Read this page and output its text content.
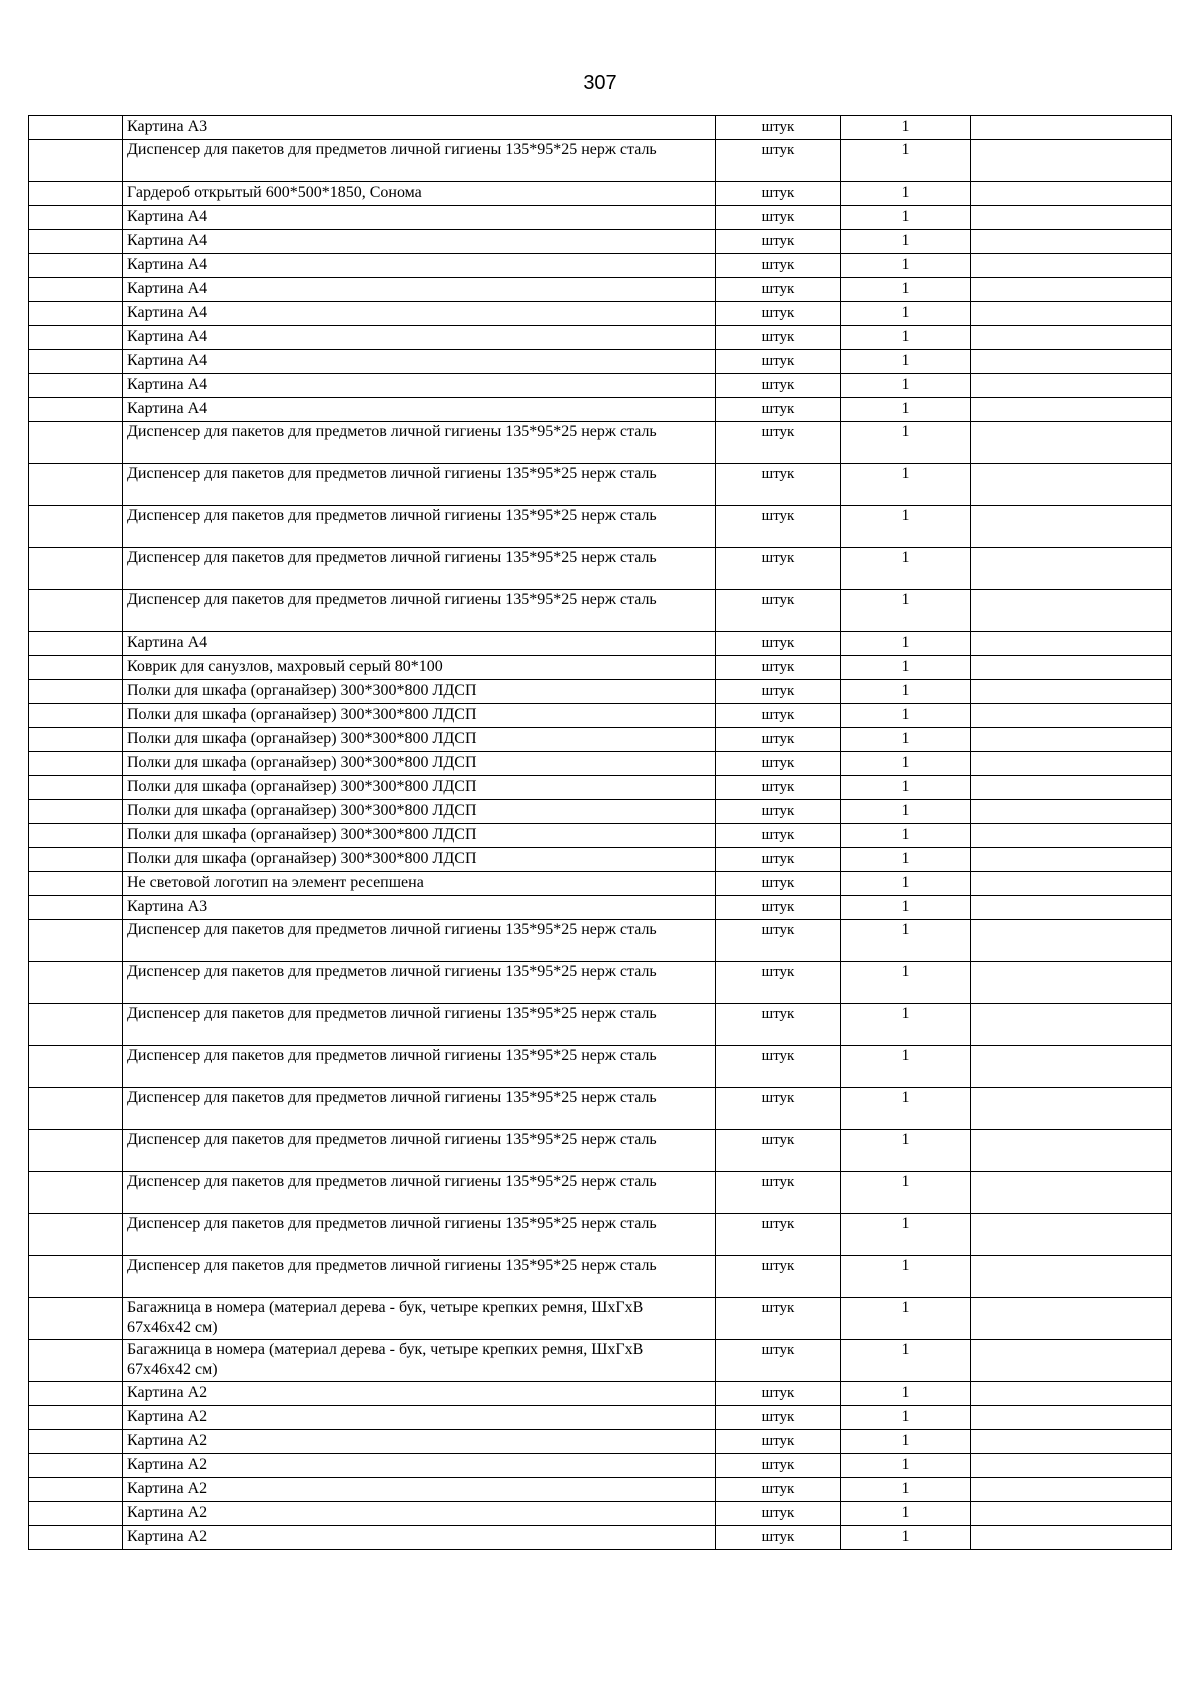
307
	Картина А3	штук	1	
	Диспенсер для пакетов для предметов личной гигиены 135*95*25 нерж сталь	штук	1	
	Гардероб открытый 600*500*1850, Сонома	штук	1	
	Картина А4	штук	1	
	Картина А4	штук	1	
	Картина А4	штук	1	
	Картина А4	штук	1	
	Картина А4	штук	1	
	Картина А4	штук	1	
	Картина А4	штук	1	
	Картина А4	штук	1	
	Картина А4	штук	1	
	Диспенсер для пакетов для предметов личной гигиены 135*95*25 нерж сталь	штук	1	
	Диспенсер для пакетов для предметов личной гигиены 135*95*25 нерж сталь	штук	1	
	Диспенсер для пакетов для предметов личной гигиены 135*95*25 нерж сталь	штук	1	
	Диспенсер для пакетов для предметов личной гигиены 135*95*25 нерж сталь	штук	1	
	Диспенсер для пакетов для предметов личной гигиены 135*95*25 нерж сталь	штук	1	
	Картина А4	штук	1	
	Коврик для санузлов, махровый серый 80*100	штук	1	
	Полки для шкафа (органайзер) 300*300*800 ЛДСП	штук	1	
	Полки для шкафа (органайзер) 300*300*800 ЛДСП	штук	1	
	Полки для шкафа (органайзер) 300*300*800 ЛДСП	штук	1	
	Полки для шкафа (органайзер) 300*300*800 ЛДСП	штук	1	
	Полки для шкафа (органайзер) 300*300*800 ЛДСП	штук	1	
	Полки для шкафа (органайзер) 300*300*800 ЛДСП	штук	1	
	Полки для шкафа (органайзер) 300*300*800 ЛДСП	штук	1	
	Полки для шкафа (органайзер) 300*300*800 ЛДСП	штук	1	
	Не световой логотип на элемент ресепшена	штук	1	
	Картина А3	штук	1	
	Диспенсер для пакетов для предметов личной гигиены 135*95*25 нерж сталь	штук	1	
	Диспенсер для пакетов для предметов личной гигиены 135*95*25 нерж сталь	штук	1	
	Диспенсер для пакетов для предметов личной гигиены 135*95*25 нерж сталь	штук	1	
	Диспенсер для пакетов для предметов личной гигиены 135*95*25 нерж сталь	штук	1	
	Диспенсер для пакетов для предметов личной гигиены 135*95*25 нерж сталь	штук	1	
	Диспенсер для пакетов для предметов личной гигиены 135*95*25 нерж сталь	штук	1	
	Диспенсер для пакетов для предметов личной гигиены 135*95*25 нерж сталь	штук	1	
	Диспенсер для пакетов для предметов личной гигиены 135*95*25 нерж сталь	штук	1	
	Диспенсер для пакетов для предметов личной гигиены 135*95*25 нерж сталь	штук	1	
	Багажница в номера (материал дерева - бук, четыре крепких ремня, ШхГхВ 67х46х42 см)	штук	1	
	Багажница в номера (материал дерева - бук, четыре крепких ремня, ШхГхВ 67х46х42 см)	штук	1	
	Картина А2	штук	1	
	Картина А2	штук	1	
	Картина А2	штук	1	
	Картина А2	штук	1	
	Картина А2	штук	1	
	Картина А2	штук	1	
	Картина А2	штук	1	
